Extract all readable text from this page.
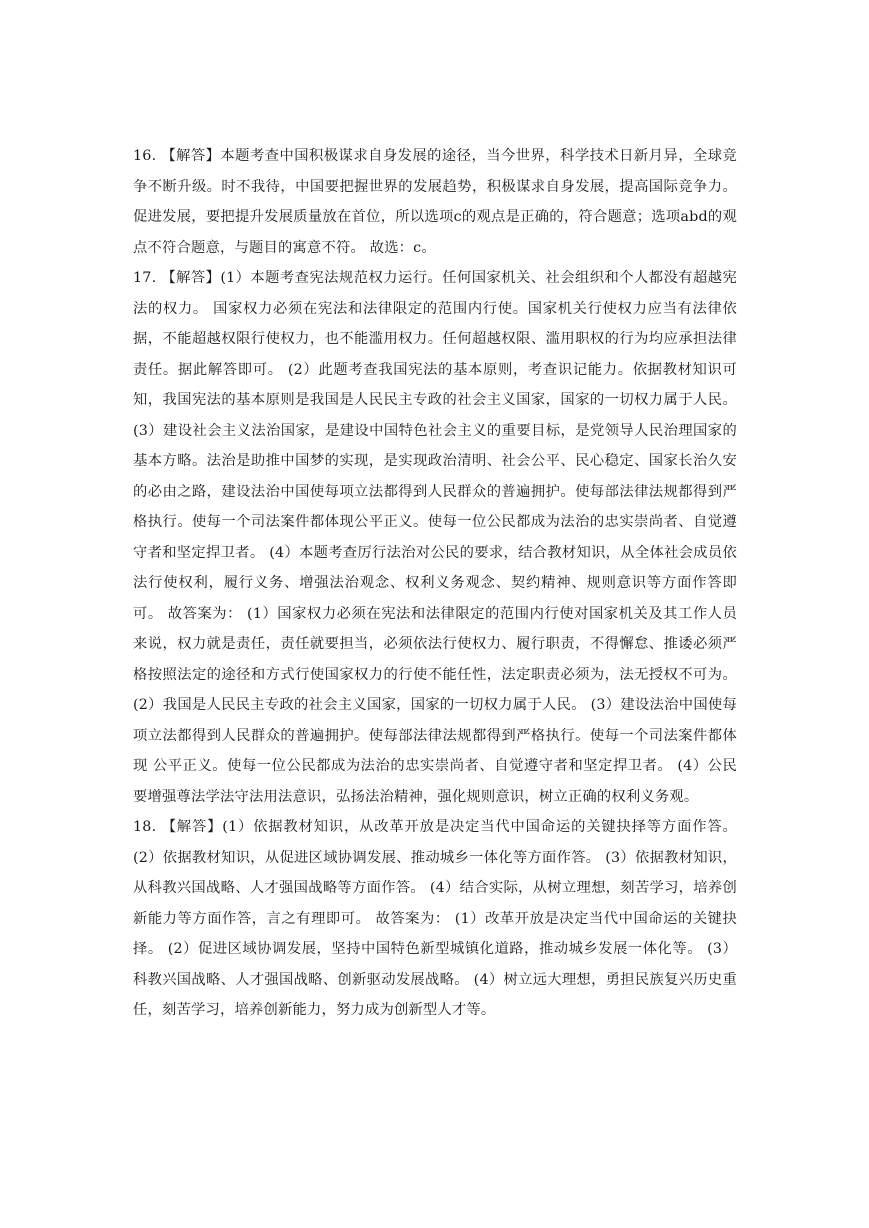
16. 【解答】本题考查中国积极谋求自身发展的途径，当今世界，科学技术日新月异，全球竞争不断升级。时不我待，中国要把握世界的发展趋势，积极谋求自身发展，提高国际竞争力。促进发展，要把提升发展质量放在首位，所以选项c的观点是正确的，符合题意；选项abd的观点不符合题意，与题目的寓意不符。 故选：c。

17. 【解答】(1）本题考查宪法规范权力运行。任何国家机关、社会组织和个人都没有超越宪法的权力。 国家权力必须在宪法和法律限定的范围内行使。国家机关行使权力应当有法律依据，不能超越权限行使权力，也不能滥用权力。任何超越权限、滥用职权的行为均应承担法律责任。据此解答即可。 (2）此题考查我国宪法的基本原则，考查识记能力。依据教材知识可知，我国宪法的基本原则是我国是人民民主专政的社会主义国家，国家的一切权力属于人民。 (3）建设社会主义法治国家，是建设中国特色社会主义的重要目标，是党领导人民治理国家的基本方略。法治是助推中国梦的实现，是实现政治清明、社会公平、民心稳定、国家长治久安的必由之路，建设法治中国使每项立法都得到人民群众的普遍拥护。使每部法律法规都得到严格执行。使每一个司法案件都体现公平正义。使每一位公民都成为法治的忠实崇尚者、自觉遵守者和坚定捍卫者。 (4）本题考查厉行法治对公民的要求，结合教材知识，从全体社会成员依法行使权利，履行义务、增强法治观念、权利义务观念、契约精神、规则意识等方面作答即可。 故答案为： (1）国家权力必须在宪法和法律限定的范围内行使对国家机关及其工作人员来说，权力就是责任，责任就要担当，必须依法行使权力、履行职责，不得懈怠、推诿必须严格按照法定的途径和方式行使国家权力的行使不能任性，法定职责必须为，法无授权不可为。 (2）我国是人民民主专政的社会主义国家，国家的一切权力属于人民。 (3）建设法治中国使每项立法都得到人民群众的普遍拥护。使每部法律法规都得到严格执行。使每一个司法案件都体现 公平正义。使每一位公民都成为法治的忠实崇尚者、自觉遵守者和坚定捍卫者。 (4）公民要增强尊法学法守法用法意识，弘扬法治精神，强化规则意识，树立正确的权利义务观。

18. 【解答】(1）依据教材知识，从改革开放是决定当代中国命运的关键抉择等方面作答。 (2）依据教材知识，从促进区域协调发展、推动城乡一体化等方面作答。 (3）依据教材知识，从科教兴国战略、人才强国战略等方面作答。 (4）结合实际，从树立理想，刻苦学习，培养创新能力等方面作答，言之有理即可。 故答案为： (1）改革开放是决定当代中国命运的关键抉择。 (2）促进区域协调发展，坚持中国特色新型城镇化道路，推动城乡发展一体化等。 (3）科教兴国战略、人才强国战略、创新驱动发展战略。 (4）树立远大理想，勇担民族复兴历史重任，刻苦学习，培养创新能力，努力成为创新型人才等。
